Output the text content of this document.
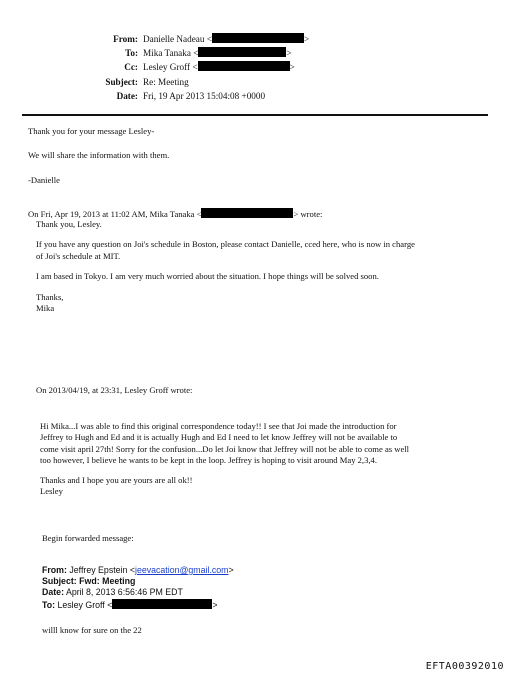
From: Danielle Nadeau <	>
To: Mika Tanaka <	>
Cc: Lesley Groff <	>
Subject: Re: Meeting
Date: Fri, 19 Apr 2013 15:04:08 +0000
Thank you for your message Lesley-
We will share the information with them.
-Danielle
On Fri, Apr 19, 2013 at 11:02 AM, Mika Tanaka <	> wrote:
Thank you, Lesley.
If you have any question on Joi's schedule in Boston, please contact Danielle, cced here, who is now in charge
of Joi's schedule at MIT.
I am based in Tokyo. I am very much worried about the situation. I hope things will be solved soon.
Thanks,
Mika
On 2013/04/19, at 23:31, Lesley Groff wrote:
Hi Mika...I was able to find this original correspondence today!! I see that Joi made the introduction for
Jeffrey to Hugh and Ed and it is actually Hugh and Ed I need to let know Jeffrey will not be available to
come visit april 27th! Sorry for the confusion...Do let Joi know that Jeffrey will not be able to come as well
too however, I believe he wants to be kept in the loop. Jeffrey is hoping to visit around May 2,3,4.
Thanks and I hope you are yours are all ok!!
Lesley
Begin forwarded message:
From: Jeffrey Epstein <jeevacation@gmail.com>
Subject: Fwd: Meeting
Date: April 8, 2013 6:56:46 PM EDT
To: Lesley Groff <	>
willl know for sure on the 22
EFTA00392010
